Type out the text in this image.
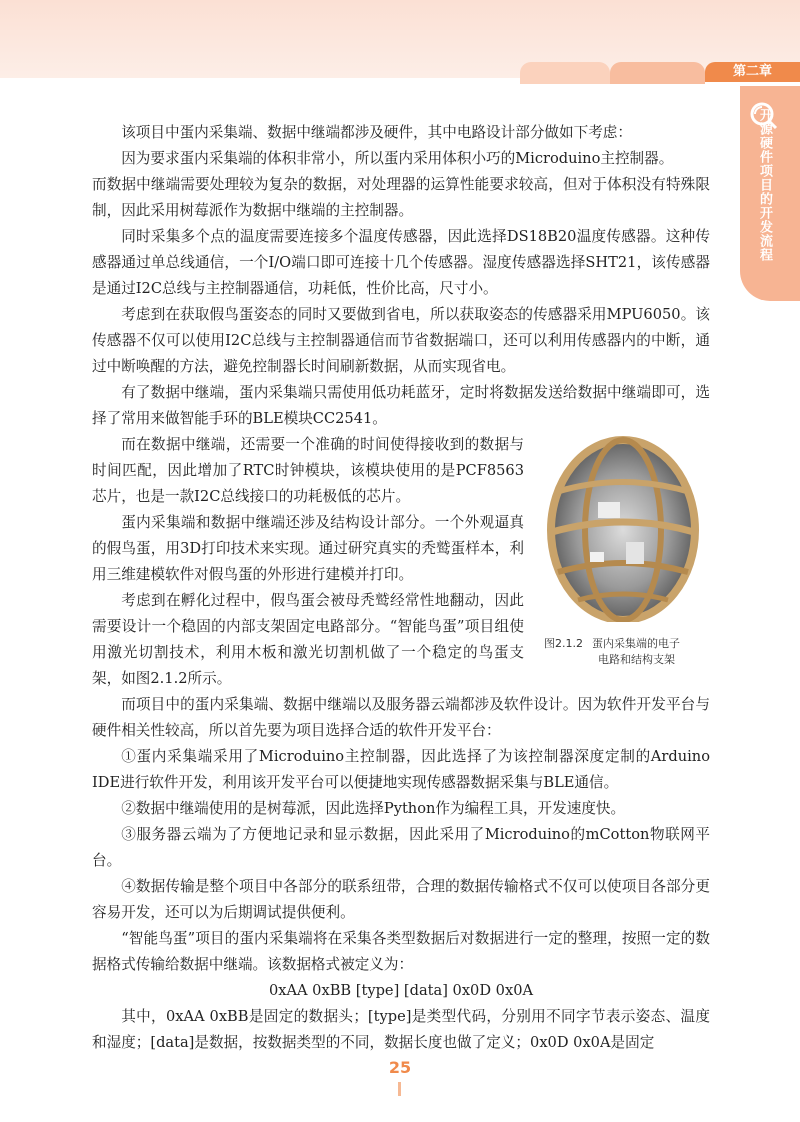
第二章
开源硬件项目的开发流程

该项目中蛋内采集端、数据中继端都涉及硬件，其中电路设计部分做如下考虑：

因为要求蛋内采集端的体积非常小，所以蛋内采用体积小巧的Microduino主控制器。

而数据中继端需要处理较为复杂的数据，对处理器的运算性能要求较高，但对于体积没有特殊限制，因此采用树莓派作为数据中继端的主控制器。

同时采集多个点的温度需要连接多个温度传感器，因此选择DS18B20温度传感器。这种传感器通过单总线通信，一个I/O端口即可连接十几个传感器。湿度传感器选择SHT21，该传感器是通过I2C总线与主控制器通信，功耗低，性价比高，尺寸小。

考虑到在获取假鸟蛋姿态的同时又要做到省电，所以获取姿态的传感器采用MPU6050。该传感器不仅可以使用I2C总线与主控制器通信而节省数据端口，还可以利用传感器内的中断，通过中断唤醒的方法，避免控制器长时间刷新数据，从而实现省电。

有了数据中继端，蛋内采集端只需使用低功耗蓝牙，定时将数据发送给数据中继端即可，选择了常用来做智能手环的BLE模块CC2541。

图2.1.2 蛋内采集端的电子
电路和结构支架

而在数据中继端，还需要一个准确的时间使得接收到的数据与时间匹配，因此增加了RTC时钟模块，该模块使用的是PCF8563芯片，也是一款I2C总线接口的功耗极低的芯片。

蛋内采集端和数据中继端还涉及结构设计部分。一个外观逼真的假鸟蛋，用3D打印技术来实现。通过研究真实的秃鹫蛋样本，利用三维建模软件对假鸟蛋的外形进行建模并打印。

考虑到在孵化过程中，假鸟蛋会被母秃鹫经常性地翻动，因此需要设计一个稳固的内部支架固定电路部分。“智能鸟蛋”项目组使用激光切割技术，利用木板和激光切割机做了一个稳定的鸟蛋支架，如图2.1.2所示。

而项目中的蛋内采集端、数据中继端以及服务器云端都涉及软件设计。因为软件开发平台与硬件相关性较高，所以首先要为项目选择合适的软件开发平台：

①蛋内采集端采用了Microduino主控制器，因此选择了为该控制器深度定制的Arduino IDE进行软件开发，利用该开发平台可以便捷地实现传感器数据采集与BLE通信。

②数据中继端使用的是树莓派，因此选择Python作为编程工具，开发速度快。

③服务器云端为了方便地记录和显示数据，因此采用了Microduino的mCotton物联网平台。

④数据传输是整个项目中各部分的联系纽带，合理的数据传输格式不仅可以使项目各部分更容易开发，还可以为后期调试提供便利。

“智能鸟蛋”项目的蛋内采集端将在采集各类型数据后对数据进行一定的整理，按照一定的数据格式传输给数据中继端。该数据格式被定义为：

0xAA 0xBB [type] [data] 0x0D 0x0A

其中，0xAA 0xBB是固定的数据头；[type]是类型代码，分别用不同字节表示姿态、温度和湿度；[data]是数据，按数据类型的不同，数据长度也做了定义；0x0D 0x0A是固定

25
